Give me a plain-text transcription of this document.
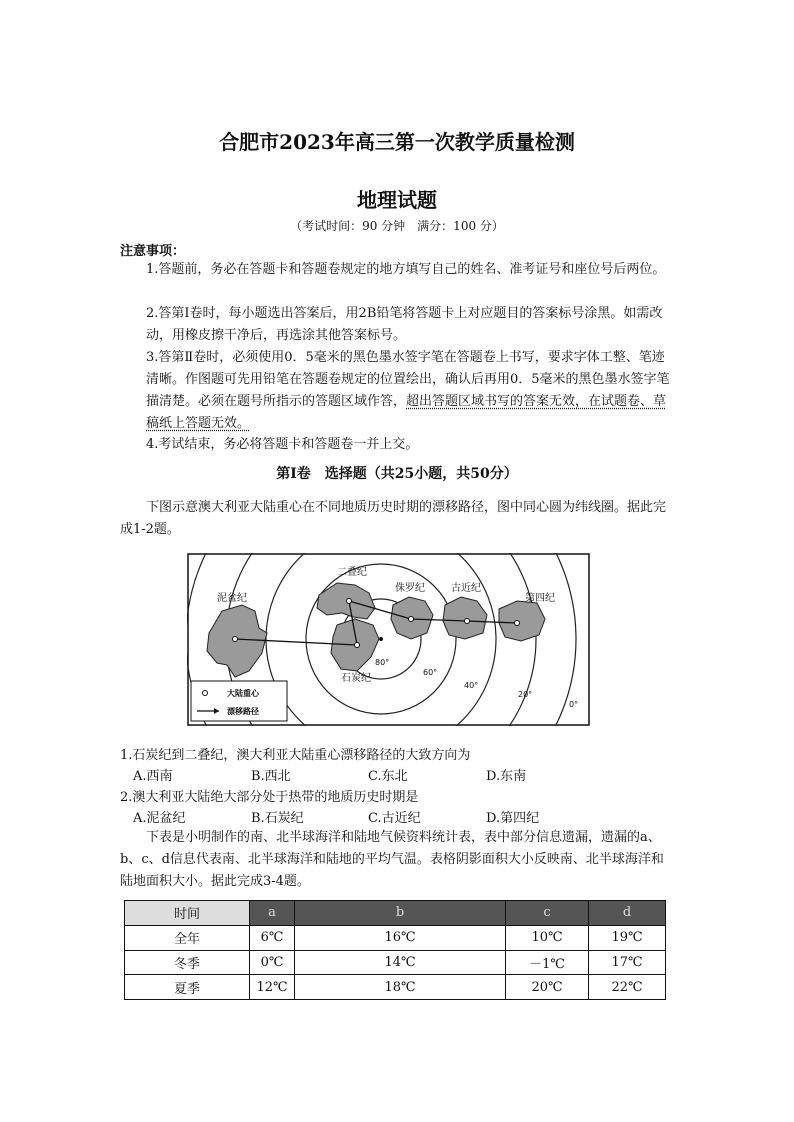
合肥市2023年高三第一次教学质量检测
地理试题
（考试时间：90 分钟　满分：100 分）
注意事项：
1.答题前，务必在答题卡和答题卷规定的地方填写自己的姓名、准考证号和座位号后两位。
2.答第Ⅰ卷时，每小题选出答案后，用2B铅笔将答题卡上对应题目的答案标号涂黑。如需改动，用橡皮擦干净后，再选涂其他答案标号。
3.答第Ⅱ卷时，必须使用0．5毫米的黑色墨水签字笔在答题卷上书写，要求字体工整、笔迹清晰。作图题可先用铅笔在答题卷规定的位置绘出，确认后再用0．5毫米的黑色墨水签字笔描清楚。必须在题号所指示的答题区域作答，超出答题区域书写的答案无效，在试题卷、草稿纸上答题无效。
4.考试结束，务必将答题卡和答题卷一并上交。
第Ⅰ卷　选择题（共25小题，共50分）
下图示意澳大利亚大陆重心在不同地质历史时期的漂移路径，图中同心圆为纬线圈。据此完成1-2题。
泥盆纪
二叠纪
侏罗纪	古近纪
第四纪
石炭纪
80°
60°
40°
20°
0°
大陆重心
漂移路径
1.石炭纪到二叠纪，澳大利亚大陆重心漂移路径的大致方向为
A.西南	B.西北	C.东北	D.东南
2.澳大利亚大陆绝大部分处于热带的地质历史时期是
A.泥盆纪	B.石炭纪	C.古近纪	D.第四纪
下表是小明制作的南、北半球海洋和陆地气候资料统计表，表中部分信息遗漏，遗漏的a、b、c、d信息代表南、北半球海洋和陆地的平均气温。表格阴影面积大小反映南、北半球海洋和陆地面积大小。据此完成3-4题。
时间	a	b	c	d
全年	6℃	16℃	10℃	19℃
冬季	0℃	14℃	－1℃	17℃
夏季	12℃	18℃	20℃	22℃
